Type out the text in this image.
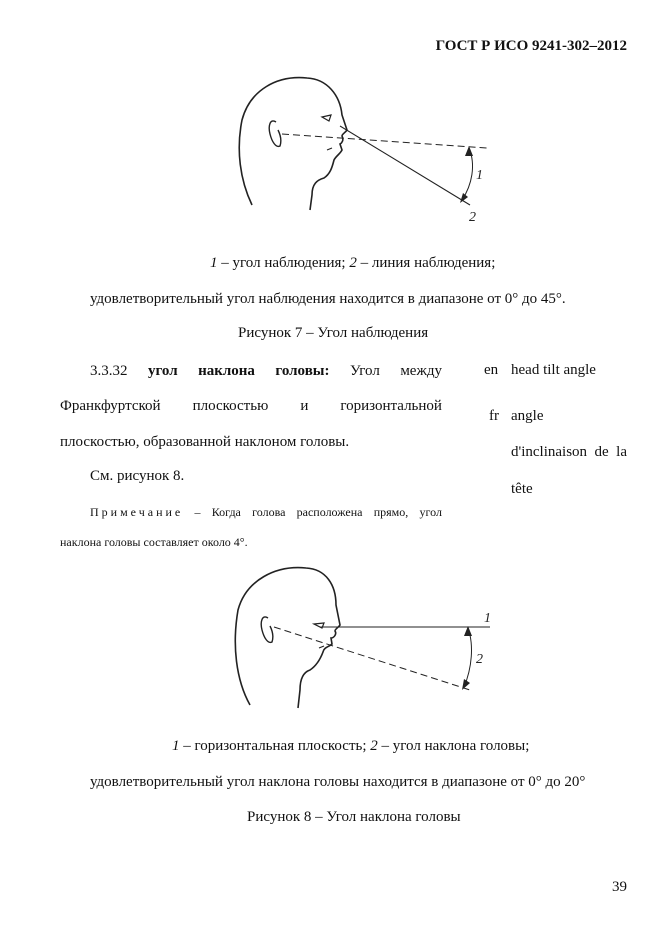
ГОСТ Р ИСО 9241-302–2012
1
2
1 – угол наблюдения; 2 – линия наблюдения;
удовлетворительный угол наблюдения находится в диапазоне от 0° до 45°.
Рисунок 7 – Угол наблюдения
3.3.32 угол наклона головы: Угол между
Франкфуртской плоскостью и горизонтальной
плоскостью, образованной наклоном головы.
См. рисунок 8.
Примечание – Когда голова расположена прямо, угол
наклона головы составляет около 4°.
en head tilt angle
fr angle
d'inclinaison de la
tête
1
2
1 – горизонтальная плоскость; 2 – угол наклона головы;
удовлетворительный угол наклона головы находится в диапазоне от 0° до 20°
Рисунок 8 – Угол наклона головы
39
